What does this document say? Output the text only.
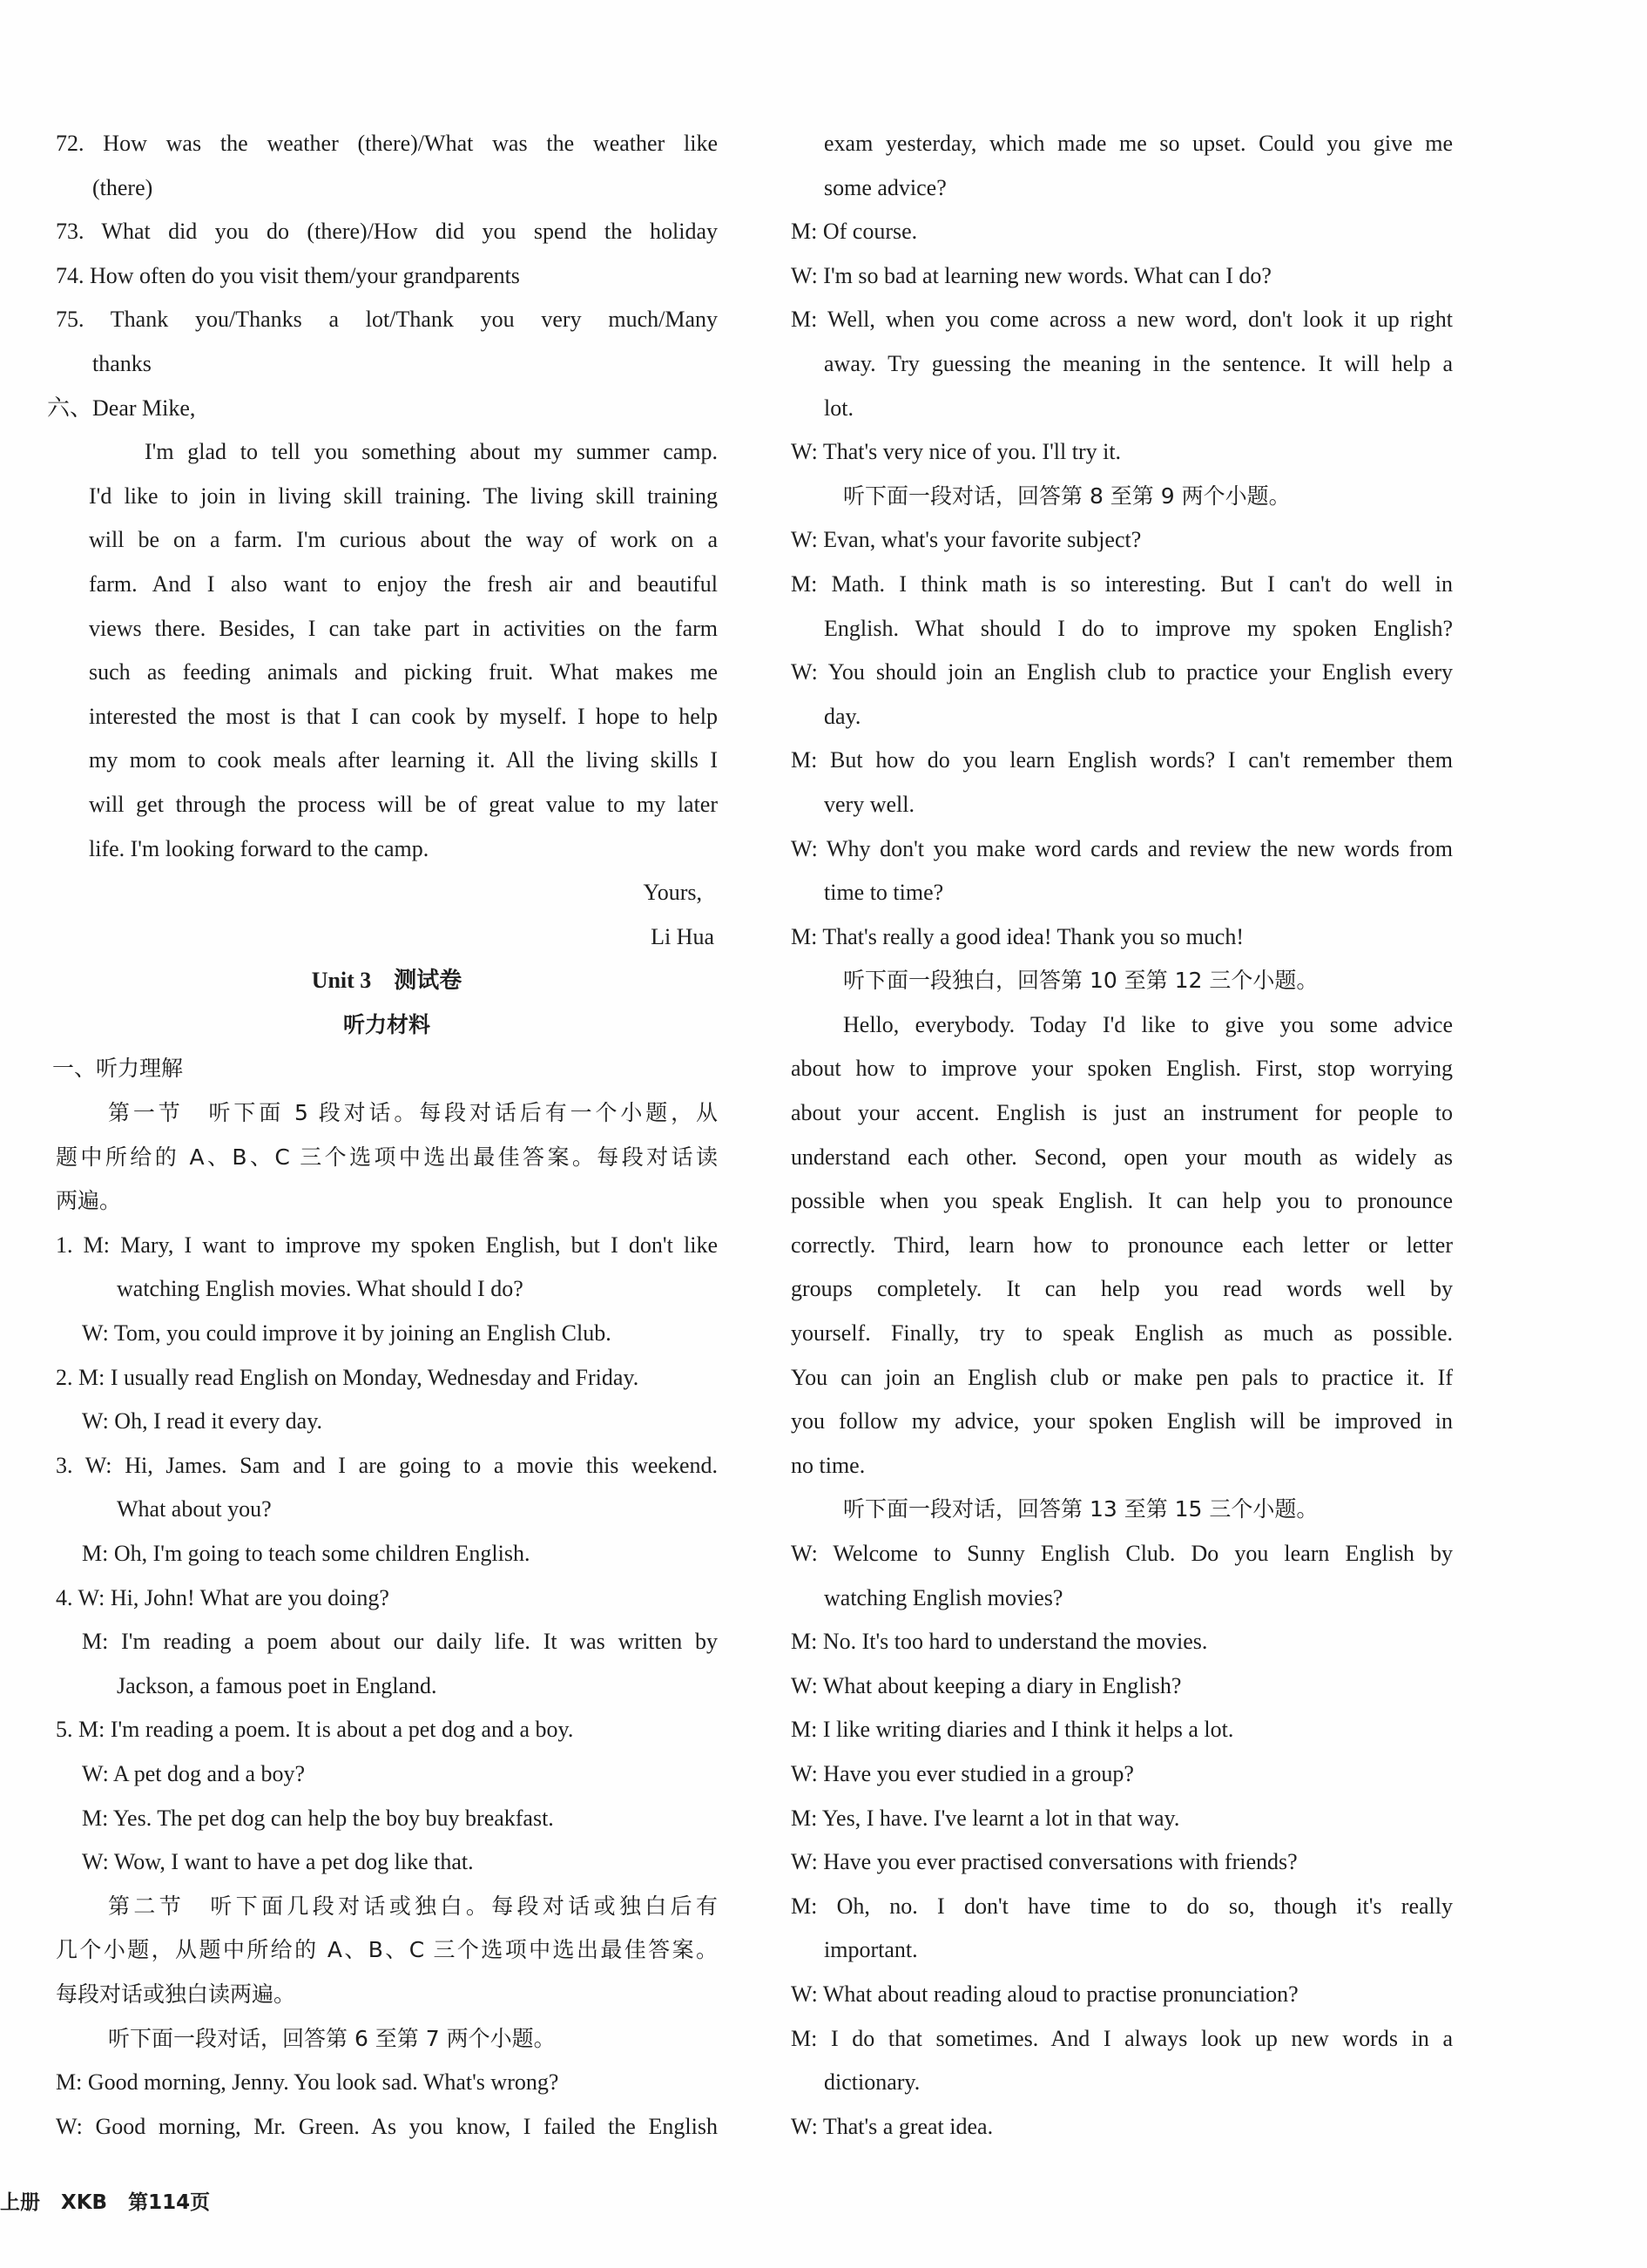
72. How was the weather (there)/What was the weather like
(there)
73. What did you do (there)/How did you spend the holiday
74. How often do you visit them/your grandparents
75. Thank you/Thanks a lot/Thank you very much/Many
thanks
六、Dear Mike,
I'm glad to tell you something about my summer camp.
I'd like to join in living skill training. The living skill training
will be on a farm. I'm curious about the way of work on a
farm. And I also want to enjoy the fresh air and beautiful
views there. Besides, I can take part in activities on the farm
such as feeding animals and picking fruit. What makes me
interested the most is that I can cook by myself. I hope to help
my mom to cook meals after learning it. All the living skills I
will get through the process will be of great value to my later
life. I'm looking forward to the camp.
Yours,
Li Hua
Unit 3　测试卷
听力材料
一、听力理解
第一节　听下面 5 段对话。每段对话后有一个小题，从
题中所给的 A、B、C 三个选项中选出最佳答案。每段对话读
两遍。
1. M: Mary, I want to improve my spoken English, but I don't like
watching English movies. What should I do?
W: Tom, you could improve it by joining an English Club.
2. M: I usually read English on Monday, Wednesday and Friday.
W: Oh, I read it every day.
3. W: Hi, James. Sam and I are going to a movie this weekend.
What about you?
M: Oh, I'm going to teach some children English.
4. W: Hi, John! What are you doing?
M: I'm reading a poem about our daily life. It was written by
Jackson, a famous poet in England.
5. M: I'm reading a poem. It is about a pet dog and a boy.
W: A pet dog and a boy?
M: Yes. The pet dog can help the boy buy breakfast.
W: Wow, I want to have a pet dog like that.
第二节　听下面几段对话或独白。每段对话或独白后有
几个小题，从题中所给的 A、B、C 三个选项中选出最佳答案。
每段对话或独白读两遍。
听下面一段对话，回答第 6 至第 7 两个小题。
M: Good morning, Jenny. You look sad. What's wrong?
W: Good morning, Mr. Green. As you know, I failed the English
exam yesterday, which made me so upset. Could you give me
some advice?
M: Of course.
W: I'm so bad at learning new words. What can I do?
M: Well, when you come across a new word, don't look it up right
away. Try guessing the meaning in the sentence. It will help a
lot.
W: That's very nice of you. I'll try it.
听下面一段对话，回答第 8 至第 9 两个小题。
W: Evan, what's your favorite subject?
M: Math. I think math is so interesting. But I can't do well in
English. What should I do to improve my spoken English?
W: You should join an English club to practice your English every
day.
M: But how do you learn English words? I can't remember them
very well.
W: Why don't you make word cards and review the new words from
time to time?
M: That's really a good idea! Thank you so much!
听下面一段独白，回答第 10 至第 12 三个小题。
Hello, everybody. Today I'd like to give you some advice
about how to improve your spoken English. First, stop worrying
about your accent. English is just an instrument for people to
understand each other. Second, open your mouth as widely as
possible when you speak English. It can help you to pronounce
correctly. Third, learn how to pronounce each letter or letter
groups completely. It can help you read words well by
yourself. Finally, try to speak English as much as possible.
You can join an English club or make pen pals to practice it. If
you follow my advice, your spoken English will be improved in
no time.
听下面一段对话，回答第 13 至第 15 三个小题。
W: Welcome to Sunny English Club. Do you learn English by
watching English movies?
M: No. It's too hard to understand the movies.
W: What about keeping a diary in English?
M: I like writing diaries and I think it helps a lot.
W: Have you ever studied in a group?
M: Yes, I have. I've learnt a lot in that way.
W: Have you ever practised conversations with friends?
M: Oh, no. I don't have time to do so, though it's really
important.
W: What about reading aloud to practise pronunciation?
M: I do that sometimes. And I always look up new words in a
dictionary.
W: That's a great idea.
上册 XKB 第114页
